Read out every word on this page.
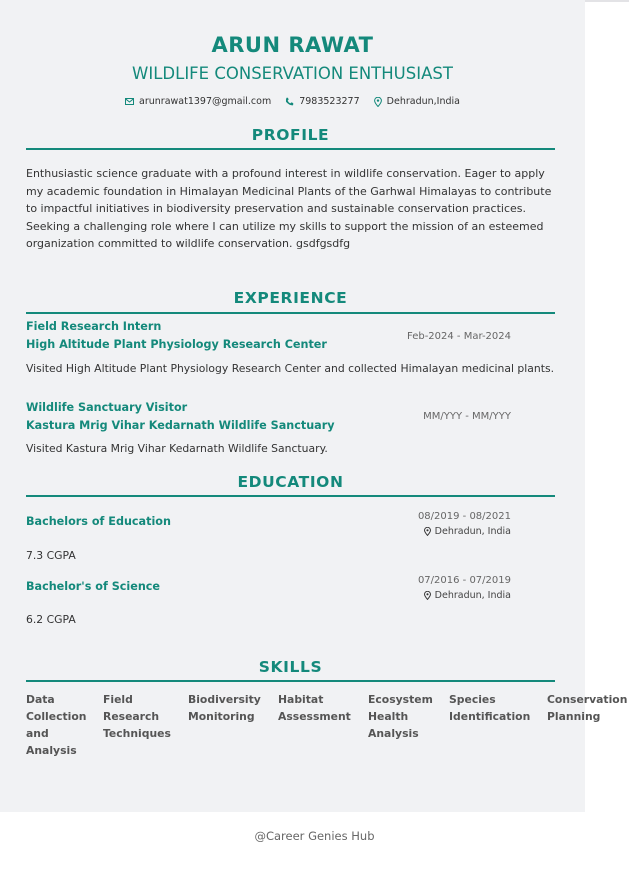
ARUN RAWAT
WILDLIFE CONSERVATION ENTHUSIAST
arunrawat1397@gmail.com	7983523277	Dehradun,India
PROFILE
Enthusiastic science graduate with a profound interest in wildlife conservation. Eager to apply my academic foundation in Himalayan Medicinal Plants of the Garhwal Himalayas to contribute to impactful initiatives in biodiversity preservation and sustainable conservation practices. Seeking a challenging role where I can utilize my skills to support the mission of an esteemed organization committed to wildlife conservation. gsdfgsdfg
EXPERIENCE
Field Research Intern
High Altitude Plant Physiology Research Center
Feb-2024 - Mar-2024
Visited High Altitude Plant Physiology Research Center and collected Himalayan medicinal plants.
Wildlife Sanctuary Visitor
Kastura Mrig Vihar Kedarnath Wildlife Sanctuary
MM/YYY - MM/YYY
Visited Kastura Mrig Vihar Kedarnath Wildlife Sanctuary.
EDUCATION
Bachelors of Education	08/2019 - 08/2021
Dehradun, India
7.3 CGPA
Bachelor's of Science	07/2016 - 07/2019
Dehradun, India
6.2 CGPA
SKILLS
Data Collection and Analysis
Field Research Techniques
Biodiversity Monitoring
Habitat Assessment
Ecosystem Health Analysis
Species Identification
Conservation Planning
@Career Genies Hub
